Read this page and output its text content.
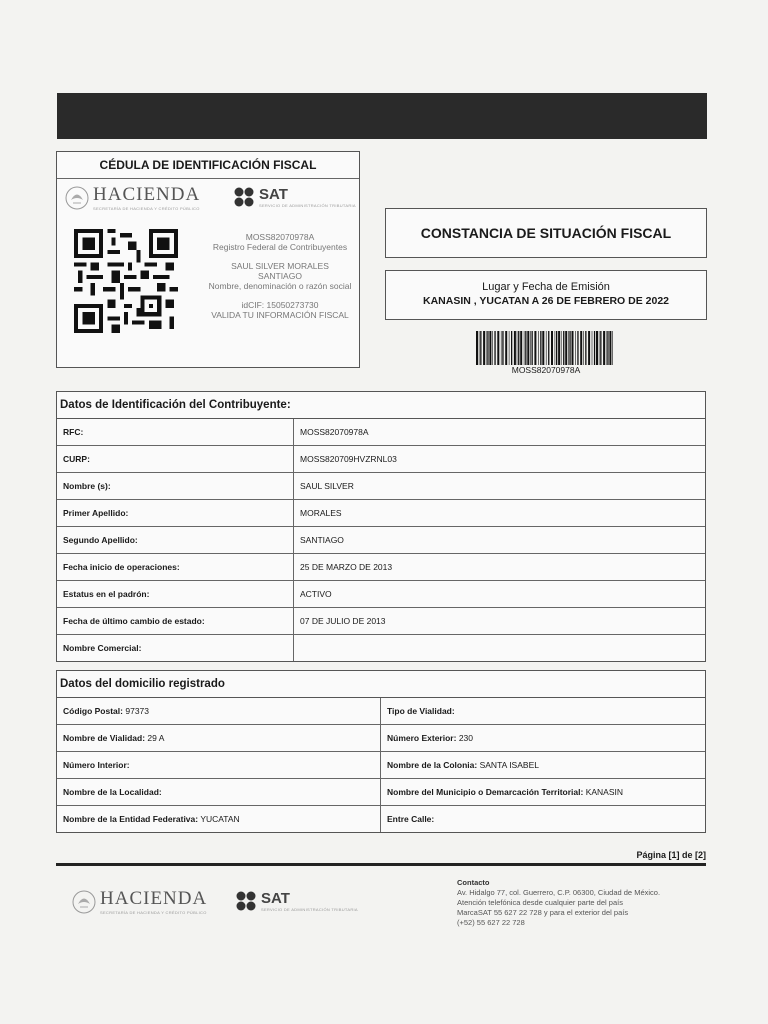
CÉDULA DE IDENTIFICACIÓN FISCAL
HACIENDA
SECRETARÍA DE HACIENDA Y CRÉDITO PÚBLICO
SAT
SERVICIO DE ADMINISTRACIÓN TRIBUTARIA
MOSS820709​78A
Registro Federal de Contribuyentes
SAUL SILVER MORALES
SANTIAGO
Nombre, denominación o razón social
idCIF: 15050273730
VALIDA TU INFORMACIÓN FISCAL
CONSTANCIA DE SITUACIÓN FISCAL
Lugar y Fecha de Emisión
KANASIN , YUCATAN A 26 DE FEBRERO DE 2022
MOSS82070978A
Datos de Identificación del Contribuyente:
RFC:	MOSS82070978A
CURP:	MOSS820709HVZRNL03
Nombre (s):	SAUL SILVER
Primer Apellido:	MORALES
Segundo Apellido:	SANTIAGO
Fecha inicio de operaciones:	25 DE MARZO DE 2013
Estatus en el padrón:	ACTIVO
Fecha de último cambio de estado:	07 DE JULIO DE 2013
Nombre Comercial:
Datos del domicilio registrado
Código Postal: 97373	Tipo de Vialidad:
Nombre de Vialidad: 29 A	Número Exterior: 230
Número Interior:	Nombre de la Colonia: SANTA ISABEL
Nombre de la Localidad:	Nombre del Municipio o Demarcación Territorial: KANASIN
Nombre de la Entidad Federativa: YUCATAN	Entre Calle:
Página [1] de [2]
HACIENDA
SECRETARÍA DE HACIENDA Y CRÉDITO PÚBLICO
SAT
SERVICIO DE ADMINISTRACIÓN TRIBUTARIA
Contacto
Av. Hidalgo 77, col. Guerrero, C.P. 06300, Ciudad de México.
Atención telefónica desde cualquier parte del país
MarcaSAT 55 627 22 728 y para el exterior del país
(+52) 55 627 22 728
